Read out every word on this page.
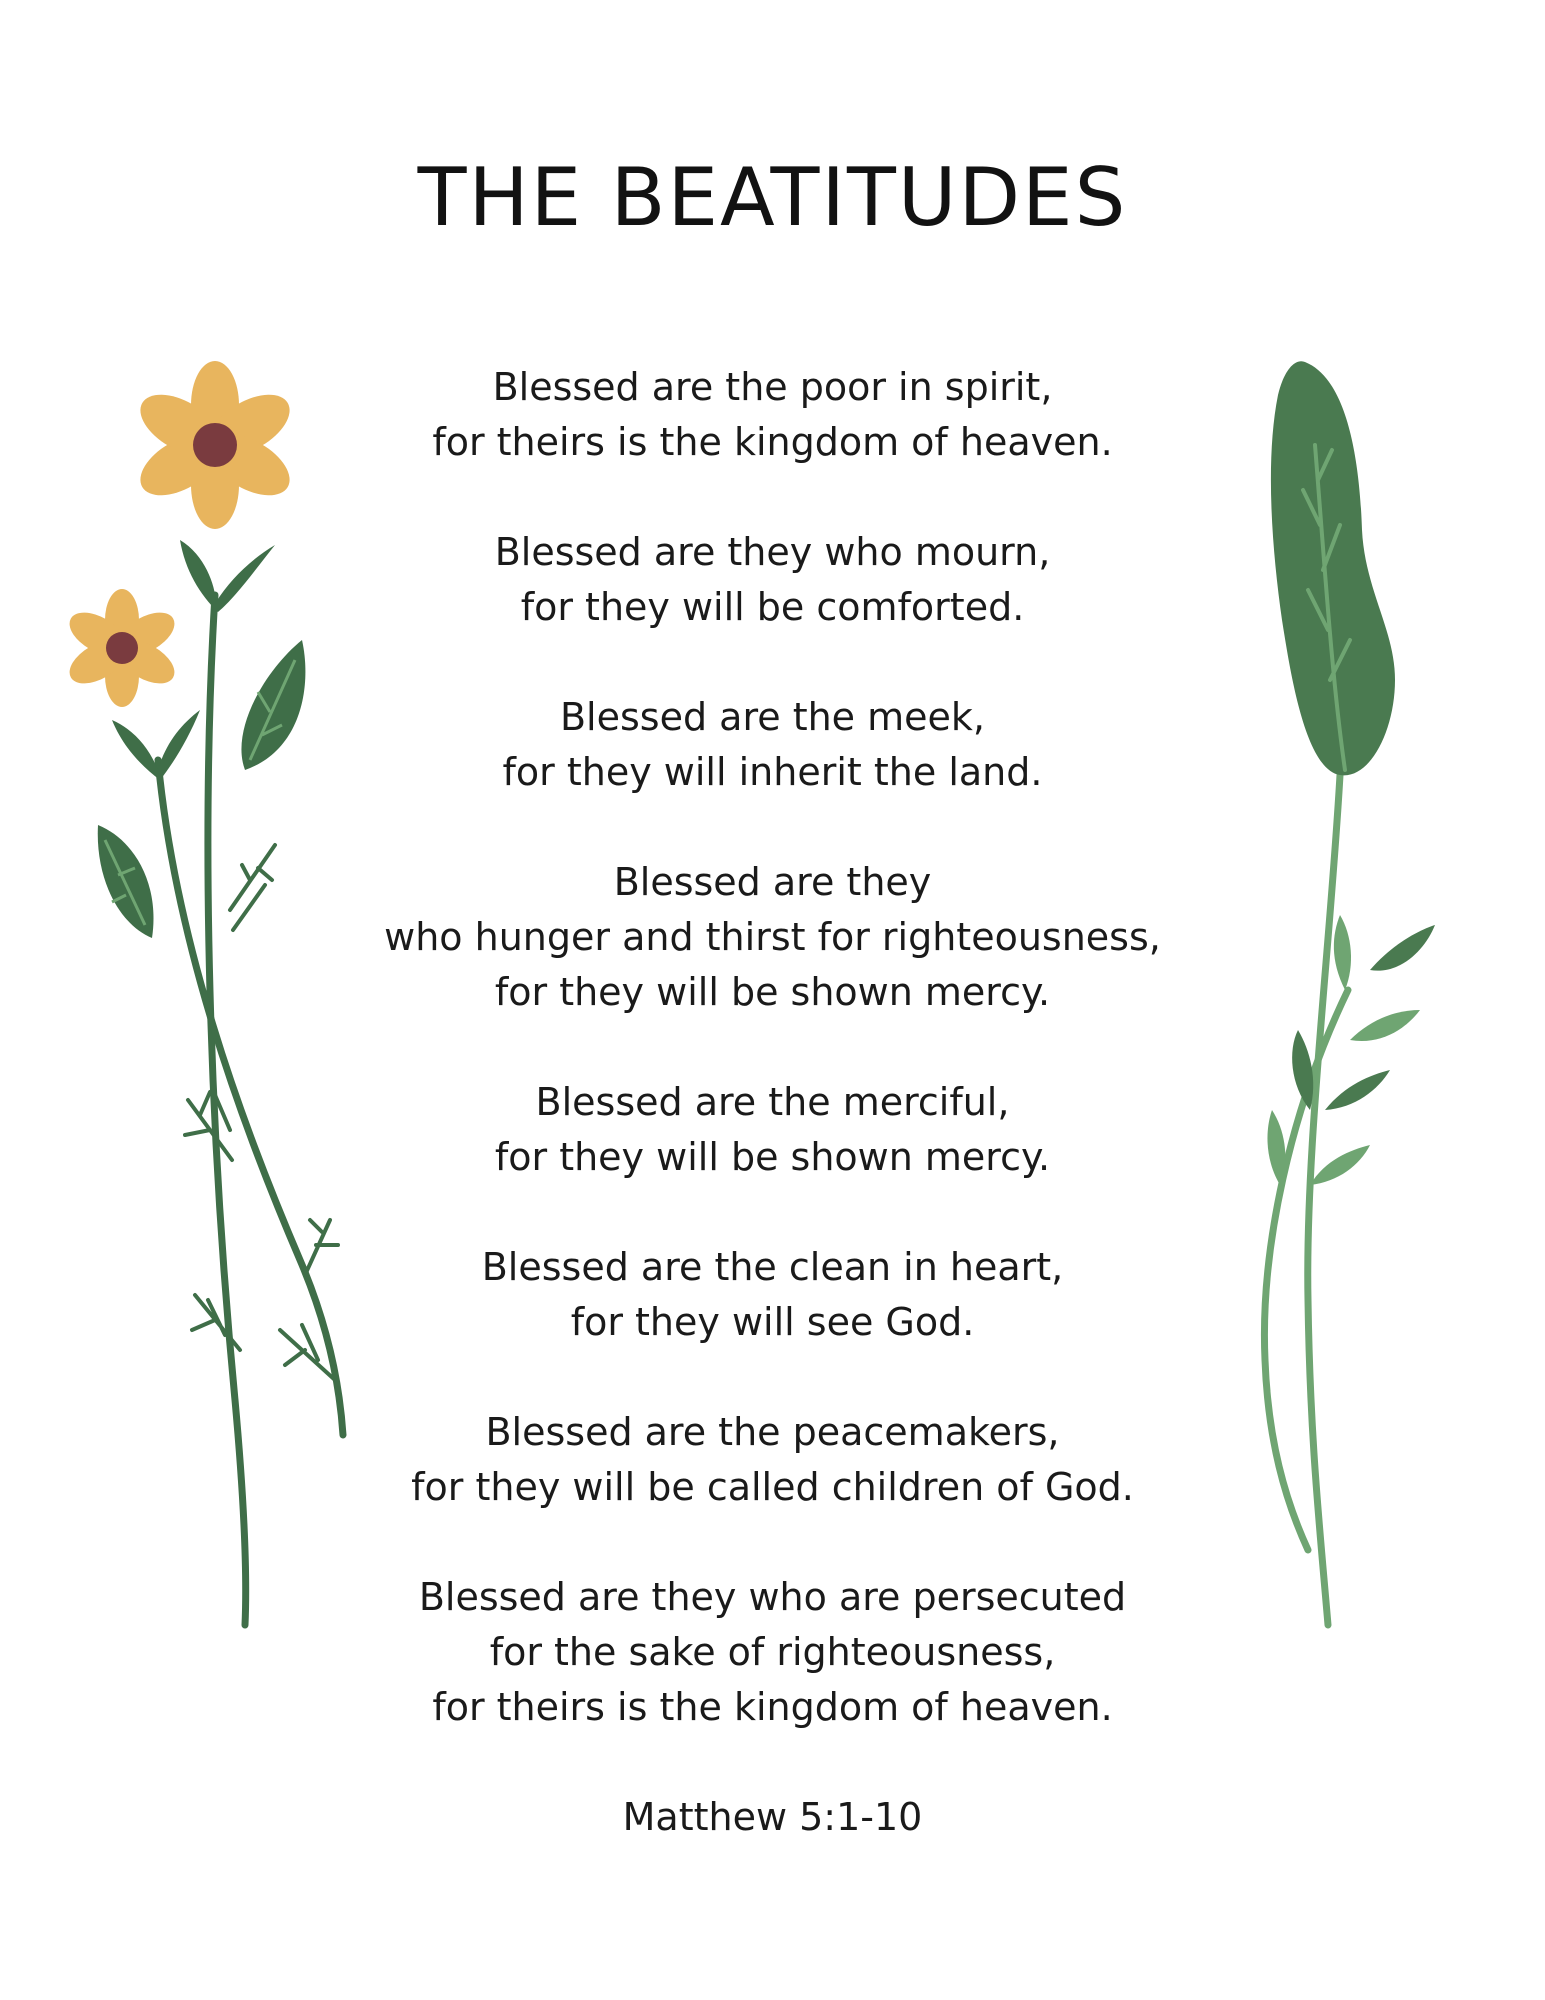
THE BEATITUDES
Blessed are the poor in spirit,
for theirs is the kingdom of heaven.
Blessed are they who mourn,
for they will be comforted.
Blessed are the meek,
for they will inherit the land.
Blessed are they
who hunger and thirst for righteousness,
for they will be shown mercy.
Blessed are the merciful,
for they will be shown mercy.
Blessed are the clean in heart,
for they will see God.
Blessed are the peacemakers,
for they will be called children of God.
Blessed are they who are persecuted
for the sake of righteousness,
for theirs is the kingdom of heaven.
Matthew 5:1-10
